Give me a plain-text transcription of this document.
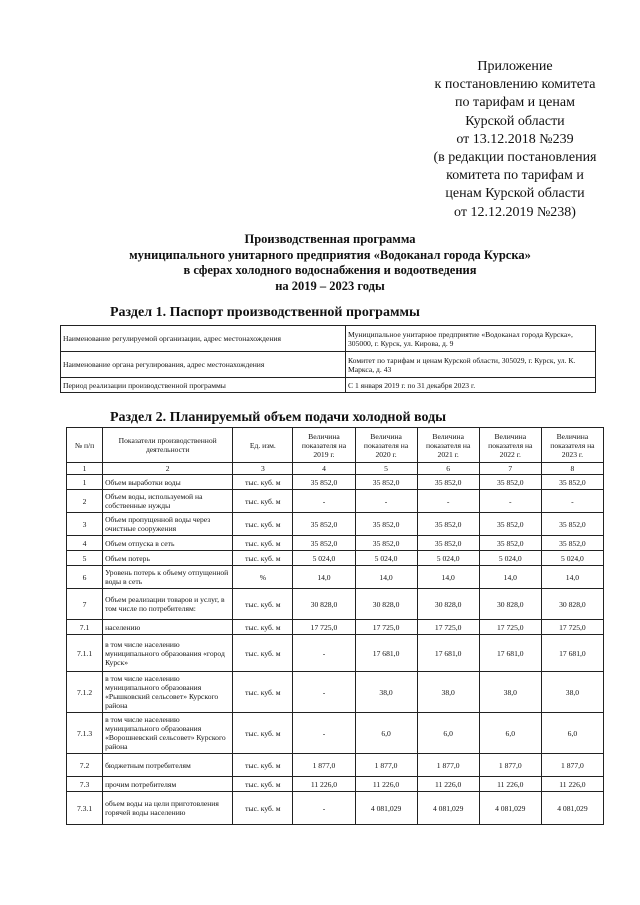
Приложение
к постановлению комитета
по тарифам и ценам
Курской области
от 13.12.2018 №239
(в редакции постановления
комитета по тарифам и
ценам Курской области
от 12.12.2019 №238)
Производственная программа
муниципального унитарного предприятия «Водоканал города Курска»
в сферах холодного водоснабжения и водоотведения
на 2019 – 2023 годы
Раздел 1. Паспорт производственной программы
Наименование регулируемой организации, адрес местонахождения	Муниципальное унитарное предприятие «Водоканал города Курска», 305000, г. Курск, ул. Кирова, д. 9
Наименование органа регулирования, адрес местонахождения	Комитет по тарифам и ценам Курской области, 305029, г. Курск, ул. К. Маркса, д. 43
Период реализации производственной программы	С 1 января 2019 г. по 31 декабря 2023 г.
Раздел 2. Планируемый объем подачи холодной воды
№ п/п	Показатели производственной деятельности	Ед. изм.	Величина показателя на 2019 г.	Величина показателя на 2020 г.	Величина показателя на 2021 г.	Величина показателя на 2022 г.	Величина показателя на 2023 г.
1	2	3	4	5	6	7	8
1	Объем выработки воды	тыс. куб. м	35 852,0	35 852,0	35 852,0	35 852,0	35 852,0
2	Объем воды, используемой на собственные нужды	тыс. куб. м	-	-	-	-	-
3	Объем пропущенной воды через очистные сооружения	тыс. куб. м	35 852,0	35 852,0	35 852,0	35 852,0	35 852,0
4	Объем отпуска в сеть	тыс. куб. м	35 852,0	35 852,0	35 852,0	35 852,0	35 852,0
5	Объем потерь	тыс. куб. м	5 024,0	5 024,0	5 024,0	5 024,0	5 024,0
6	Уровень потерь к объему отпущенной воды в сеть	%	14,0	14,0	14,0	14,0	14,0
7	Объем реализации товаров и услуг, в том числе по потребителям:	тыс. куб. м	30 828,0	30 828,0	30 828,0	30 828,0	30 828,0
7.1	населению	тыс. куб. м	17 725,0	17 725,0	17 725,0	17 725,0	17 725,0
7.1.1	в том числе населению муниципального образования «город Курск»	тыс. куб. м	-	17 681,0	17 681,0	17 681,0	17 681,0
7.1.2	в том числе населению муниципального образования «Рышковский сельсовет» Курского района	тыс. куб. м	-	38,0	38,0	38,0	38,0
7.1.3	в том числе населению муниципального образования «Ворошневский сельсовет» Курского района	тыс. куб. м	-	6,0	6,0	6,0	6,0
7.2	бюджетным потребителям	тыс. куб. м	1 877,0	1 877,0	1 877,0	1 877,0	1 877,0
7.3	прочим потребителям	тыс. куб. м	11 226,0	11 226,0	11 226,0	11 226,0	11 226,0
7.3.1	объем воды на цели приготовления горячей воды населению	тыс. куб. м	-	4 081,029	4 081,029	4 081,029	4 081,029
